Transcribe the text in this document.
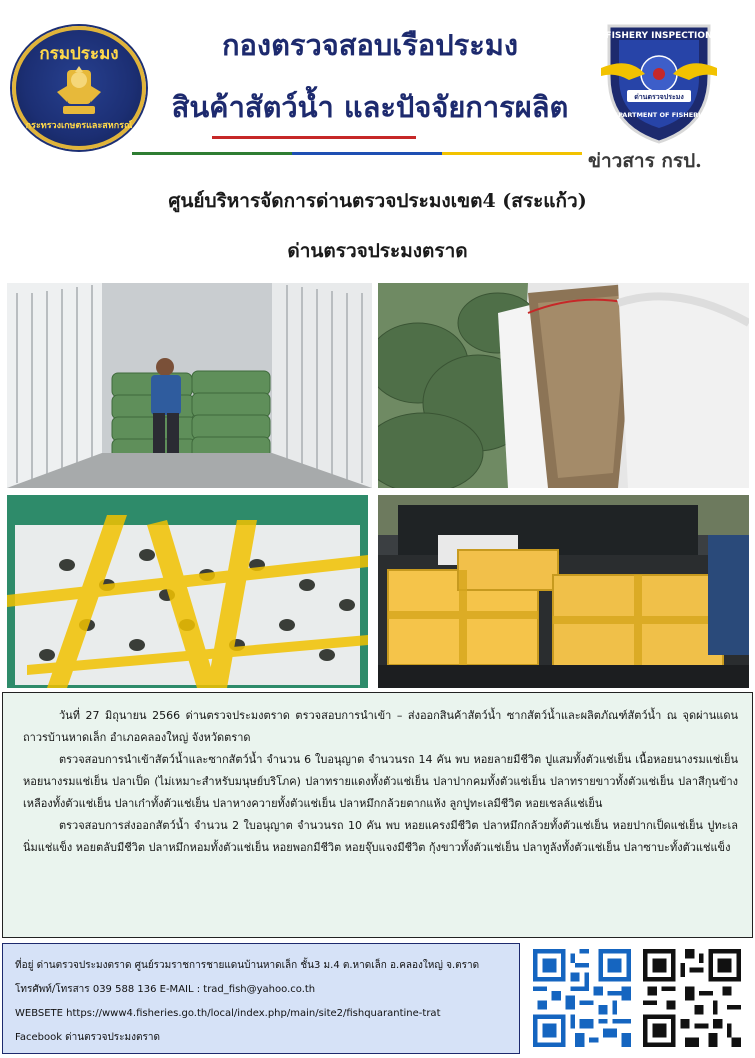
กรมประมง
กระทรวงเกษตรและสหกรณ์
กองตรวจสอบเรือประมง
สินค้าสัตว์น้ำ และปัจจัยการผลิต
FISHERY INSPECTION
ด่านตรวจประมง
DEPARTMENT OF FISHERIES
ข่าวสาร กรป.
ศูนย์บริหารจัดการด่านตรวจประมงเขต4 (สระแก้ว)
ด่านตรวจประมงตราด

วันที่ 27 มิถุนายน 2566 ด่านตรวจประมงตราด ตรวจสอบการนำเข้า – ส่งออกสินค้าสัตว์น้ำ ซากสัตว์น้ำและผลิตภัณฑ์สัตว์น้ำ ณ จุดผ่านแดนถาวรบ้านหาดเล็ก อำเภอคลองใหญ่ จังหวัดตราด

ตรวจสอบการนำเข้าสัตว์น้ำและซากสัตว์น้ำ จำนวน 6 ใบอนุญาต จำนวนรถ 14 คัน พบ หอยลายมีชีวิต ปูแสมทั้งตัวแช่เย็น เนื้อหอยนางรมแช่เย็น หอยนางรมแช่เย็น ปลาเป็ด (ไม่เหมาะสำหรับมนุษย์บริโภค) ปลาทรายแดงทั้งตัวแช่เย็น ปลาปากคมทั้งตัวแช่เย็น ปลาทรายขาวทั้งตัวแช่เย็น ปลาสีกุนข้างเหลืองทั้งตัวแช่เย็น ปลาเก๋าทั้งตัวแช่เย็น ปลาหางควายทั้งตัวแช่เย็น ปลาหมึกกล้วยตากแห้ง ลูกปูทะเลมีชีวิต หอยเชลล์แช่เย็น

ตรวจสอบการส่งออกสัตว์น้ำ จำนวน 2 ใบอนุญาต จำนวนรถ 10 คัน พบ หอยแครงมีชีวิต ปลาหมึกกล้วยทั้งตัวแช่เย็น หอยปากเป็ดแช่เย็น ปูทะเลนิ่มแช่แข็ง หอยตลับมีชีวิต ปลาหมึกหอมทั้งตัวแช่เย็น หอยพอกมีชีวิต หอยจุ๊บแจงมีชีวิต กุ้งขาวทั้งตัวแช่เย็น ปลาทูลังทั้งตัวแช่เย็น ปลาซาบะทั้งตัวแช่แข็ง

ที่อยู่ ด่านตรวจประมงตราด ศูนย์รวมราชการชายแดนบ้านหาดเล็ก ชั้น3 ม.4 ต.หาดเล็ก อ.คลองใหญ่ จ.ตราด
โทรศัพท์/โทรสาร 039 588 136 E-MAIL : trad_fish@yahoo.co.th
WEBSETE https://www4.fisheries.go.th/local/index.php/main/site2/fishquarantine-trat
Facebook ด่านตรวจประมงตราด
